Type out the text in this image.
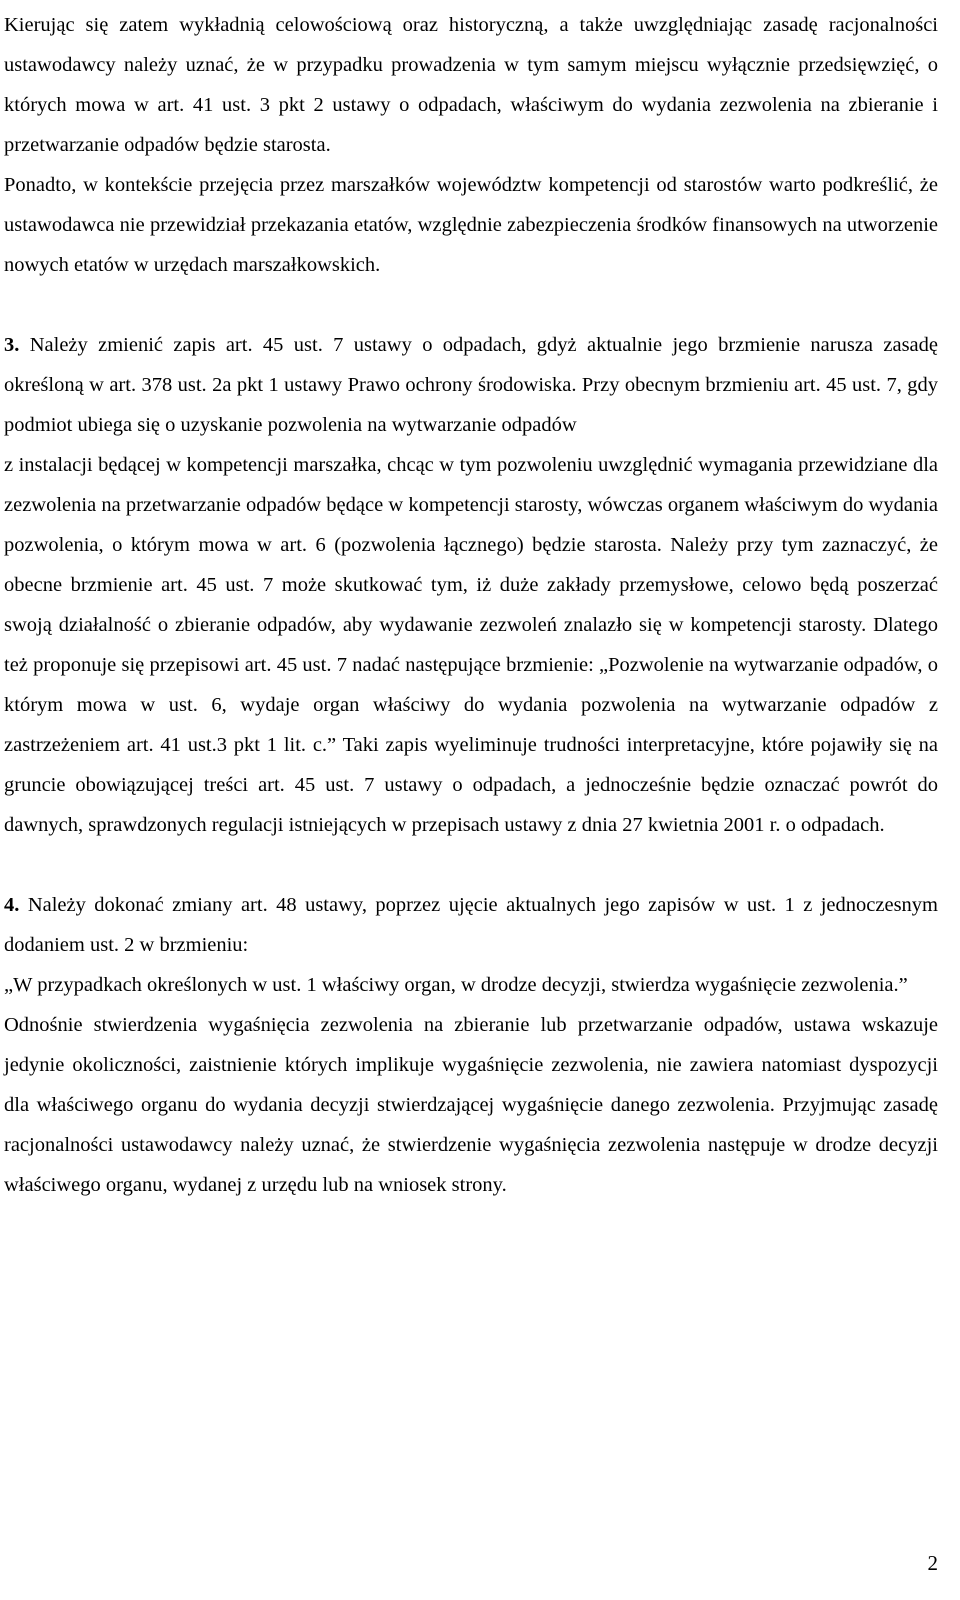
Kierując się zatem wykładnią celowościową oraz historyczną, a także uwzględniając zasadę racjonalności ustawodawcy należy uznać, że w przypadku prowadzenia w tym samym miejscu wyłącznie przedsięwzięć, o których mowa w art. 41 ust. 3 pkt 2 ustawy o odpadach, właściwym do wydania zezwolenia na zbieranie i przetwarzanie odpadów będzie starosta.

Ponadto, w kontekście przejęcia przez marszałków województw kompetencji od starostów warto podkreślić, że ustawodawca nie przewidział przekazania etatów, względnie zabezpieczenia środków finansowych na utworzenie nowych etatów w urzędach marszałkowskich.

3. Należy zmienić zapis art. 45 ust. 7 ustawy o odpadach, gdyż aktualnie jego brzmienie narusza zasadę określoną w art. 378 ust. 2a pkt 1 ustawy Prawo ochrony środowiska. Przy obecnym brzmieniu art. 45 ust. 7, gdy podmiot ubiega się o uzyskanie pozwolenia na wytwarzanie odpadów

z instalacji będącej w kompetencji marszałka, chcąc w tym pozwoleniu uwzględnić wymagania przewidziane dla zezwolenia na przetwarzanie odpadów będące w kompetencji starosty, wówczas organem właściwym do wydania pozwolenia, o którym mowa w art. 6 (pozwolenia łącznego) będzie starosta. Należy przy tym zaznaczyć, że obecne brzmienie art. 45 ust. 7 może skutkować tym, iż duże zakłady przemysłowe, celowo będą poszerzać swoją działalność o zbieranie odpadów, aby wydawanie zezwoleń znalazło się w kompetencji starosty. Dlatego też proponuje się przepisowi art. 45 ust. 7 nadać następujące brzmienie: „Pozwolenie na wytwarzanie odpadów, o którym mowa w ust. 6, wydaje organ właściwy do wydania pozwolenia na wytwarzanie odpadów z zastrzeżeniem art. 41 ust.3 pkt 1 lit. c.” Taki zapis wyeliminuje trudności interpretacyjne, które pojawiły się na gruncie obowiązującej treści art. 45 ust. 7 ustawy o odpadach, a jednocześnie będzie oznaczać powrót do dawnych, sprawdzonych regulacji istniejących w przepisach ustawy z dnia 27 kwietnia 2001 r. o odpadach.

4. Należy dokonać zmiany art. 48 ustawy, poprzez ujęcie aktualnych jego zapisów w ust. 1 z jednoczesnym dodaniem ust. 2 w brzmieniu:

„W przypadkach określonych w ust. 1 właściwy organ, w drodze decyzji, stwierdza wygaśnięcie zezwolenia.”

Odnośnie stwierdzenia wygaśnięcia zezwolenia na zbieranie lub przetwarzanie odpadów, ustawa wskazuje jedynie okoliczności, zaistnienie których implikuje wygaśnięcie zezwolenia, nie zawiera natomiast dyspozycji dla właściwego organu do wydania decyzji stwierdzającej wygaśnięcie danego zezwolenia. Przyjmując zasadę racjonalności ustawodawcy należy uznać, że stwierdzenie wygaśnięcia zezwolenia następuje w drodze decyzji właściwego organu, wydanej z urzędu lub na wniosek strony.

2
